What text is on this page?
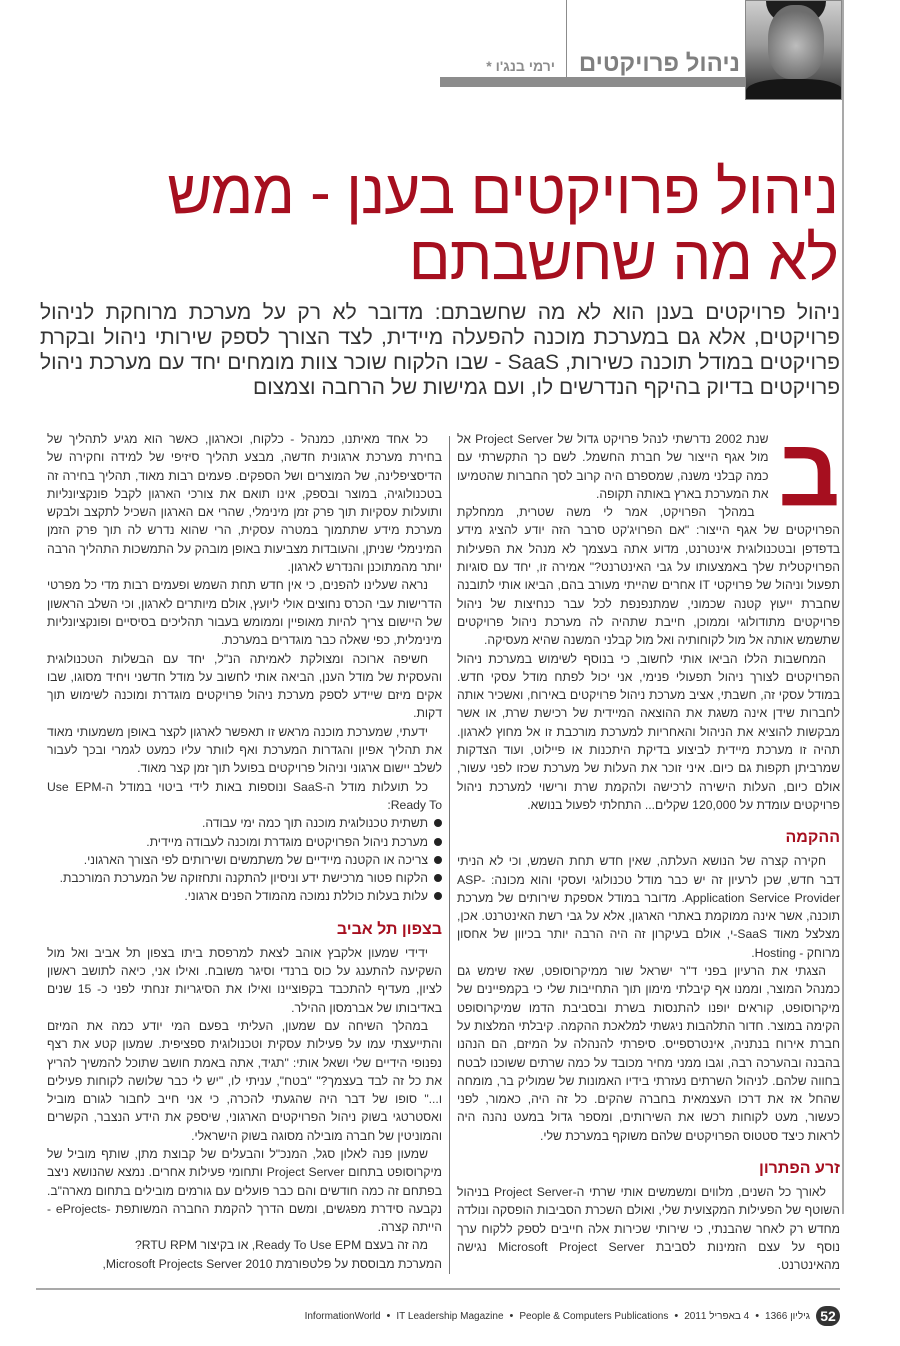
ניהול פרויקטים
ירמי בנג'ו *
ניהול פרויקטים בענן - ממש
לא מה שחשבתם
ניהול פרויקטים בענן הוא לא מה שחשבתם: מדובר לא רק על מערכת מרוחקת לניהול
פרויקטים, אלא גם במערכת מוכנה להפעלה מיידית, לצד הצורך לספק שירותי ניהול ובקרת
פרויקטים במודל תוכנה כשירות, SaaS - שבו הלקוח שוכר צוות מומחים יחד עם מערכת ניהול
פרויקטים בדיוק בהיקף הנדרשים לו, ועם גמישות של הרחבה וצמצום
ב

שנת 2002 נדרשתי לנהל פרויקט גדול של Project Server אל מול אגף הייצור של חברת החשמל. לשם כך התקשרתי עם כמה קבלני משנה, שמספרם היה קרוב לסך החברות שהטמיעו את המערכת בארץ באותה תקופה.

במהלך הפרויקט, אמר לי משה שטרית, ממחלקת הפרויקטים של אגף הייצור: "אם הפרויג'קט סרבר הזה יודע להציג מידע בדפדפן ובטכנולוגית אינטרנט, מדוע אתה בעצמך לא מנהל את הפעילות הפרויקטלית שלך באמצעותו על גבי האינטרנט?" אמירה זו, יחד עם סוגיות תפעול וניהול של פרויקטי IT אחרים שהייתי מעורב בהם, הביאו אותי לתובנה שחברת ייעוץ קטנה שכמוני, שמתנפנפת לכל עבר כנחיצות של ניהול פרויקטים מתודולוגי וממוכן, חייבת שתהיה לה מערכת ניהול פרויקטים שתשמש אותה אל מול לקוחותיה ואל מול קבלני המשנה שהיא מעסיקה.

המחשבות הללו הביאו אותי לחשוב, כי בנוסף לשימוש במערכת ניהול הפרויקטים לצורך ניהול תפעולי פנימי, אני יכול לפתח מודל עסקי חדש. במודל עסקי זה, חשבתי, אציב מערכת ניהול פרויקטים באירוח, ואשכיר אותה לחברות שידן אינה משגת את ההוצאה המיידית של רכישת שרת, או אשר מבקשות להוציא את הניהול והאחריות למערכת מורכבת זו אל מחוץ לארגון. תהיה זו מערכת מיידית לביצוע בדיקת היתכנות או פיילוט, ועוד הצדקות שמרביתן תקפות גם כיום. איני זוכר את העלות של מערכת שכזו לפני עשור, אולם כיום, העלות הישירה לרכישה ולהקמת שרת ורישוי למערכת ניהול פרויקטים עומדת על 120,000 שקלים... התחלתי לפעול בנושא.

ההקמה

חקירה קצרה של הנושא העלתה, שאין חדש תחת השמש, וכי לא הניתי דבר חדש, שכן לרעיון זה יש כבר מודל טכנולוגי ועסקי והוא מכונה: ASP- Application Service Provider. מדובר במודל אספקת שירותים של מערכת תוכנה, אשר אינה ממוקמת באתרי הארגון, אלא על גבי רשת האינטרנט. אכן, מצלצל מאוד SaaS-י, אולם בעיקרון זה היה הרבה יותר בכיוון של אחסון מרוחק - Hosting.

הצגתי את הרעיון בפני ד"ר ישראל שור ממיקרוסופט, שאז שימש גם כמנהל המוצר, וממנו אף קיבלתי מימון תוך התחייבות שלי כי בקמפיינים של מיקרוסופט, קוראים יופנו להתנסות בשרת ובסביבת הדמו שמיקרוסופט הקימה במוצר. חדור התלהבות ניגשתי למלאכת ההקמה. קיבלתי המלצות על חברת אירוח בנתניה, אינטרספייס. סיפרתי להנהלה על המיזם, הם הנהנו בהבנה ובהערכה רבה, וגבו ממני מחיר מכובד על כמה שרתים ששוכנו לבטח בחווה שלהם. לניהול השרתים נעזרתי בידיו האמונות של שמוליק בר, מומחה שהחל אז את דרכו העצמאית בחברה שהקים. כל זה היה, כאמור, לפני כעשור, מעט לקוחות רכשו את השירותים, ומספר גדול במעט נהנה היה לראות כיצד סטטוס הפרויקטים שלהם משוקף במערכת שלי.

זרע הפתרון

לאורך כל השנים, מלווים ומשמשים אותי שרתי ה-Project Server בניהול השוטף של הפעילות המקצועית שלי, ואולם השכרת הסביבות הופסקה ונולדה מחדש רק לאחר שהבנתי, כי שירותי שכירות אלה חייבים לספק ללקוח ערך נוסף על עצם הזמינות לסביבת Microsoft Project Server נגישה מהאינטרנט.

כל אחד מאיתנו, כמנהל - כלקוח, וכארגון, כאשר הוא מגיע לתהליך של בחירת מערכת ארגונית חדשה, מבצע תהליך סיזיפי של למידה וחקירה של הדיסציפלינה, של המוצרים ושל הספקים. פעמים רבות מאוד, תהליך בחירה זה בטכנולוגיה, במוצר ובספק, אינו תואם את צורכי הארגון לקבל פונקציונליות ותועלות עסקיות תוך פרק זמן מינימלי, שהרי אם הארגון השכיל לתקצב ולבקש מערכת מידע שתתמוך במטרה עסקית, הרי שהוא נדרש לה תוך פרק הזמן המינימלי שניתן, והעובדות מצביעות באופן מובהק על התמשכות התהליך הרבה יותר מהמתוכנן והנדרש לארגון.

נראה שעלינו להפנים, כי אין חדש תחת השמש ופעמים רבות מדי כל מפרטי הדרישות עבי הכרס נחוצים אולי ליועץ, אולם מיותרים לארגון, וכי השלב הראשון של היישום צריך להיות מאופיין וממומש בעבור תהליכים בסיסיים ופונקציונליות מינימלית, כפי שאלה כבר מוגדרים במערכת.

חשיפה ארוכה ומצולקת לאמיתה הנ"ל, יחד עם הבשלות הטכנולוגית והעסקית של מודל הענן, הביאה אותי לחשוב על מודל חדשני ויחיד מסוגו, שבו אקים מיזם שיידע לספק מערכת ניהול פרויקטים מוגדרת ומוכנה לשימוש תוך דקות.

ידעתי, שמערכת מוכנה מראש זו תאפשר לארגון לקצר באופן משמעותי מאוד את תהליך אפיון והגדרות המערכת ואף לוותר עליו כמעט לגמרי ובכך לעבור לשלב יישום ארגוני וניהול פרויקטים בפועל תוך זמן קצר מאוד.

כל תועלות מודל ה-SaaS ונוספות באות לידי ביטוי במודל ה-Use EPM Ready To:

תשתית טכנולוגית מוכנה תוך כמה ימי עבודה.
מערכת ניהול הפרויקטים מוגדרת ומוכנה לעבודה מיידית.
צריכה או הקטנה מיידיים של משתמשים ושירותים לפי הצורך הארגוני.
הלקוח פטור מרכישת ידע וניסיון להתקנה ותחזוקה של המערכת המורכבת.
עלות בעלות כוללת נמוכה מהמודל הפנים ארגוני.
בצפון תל אביב

ידידי שמעון אלקבץ אוהב לצאת למרפסת ביתו בצפון תל אביב ואל מול השקיעה להתענג על כוס ברנדי וסיגר משובח. ואילו אני, כיאה לתושב ראשון לציון, מעדיף להתכבד בקפוציינו ואילו את הסיגריות זנחתי לפני כ- 15 שנים באדיבותו של אברמסון ההילר.

במהלך השיחה עם שמעון, העליתי בפעם המי יודע כמה את המיזם והתייעצתי עמו על פעילות עסקית וטכנולוגית ספציפית. שמעון קטע את רצף נפנופי הידיים שלי ושאל אותי: "תגיד, אתה באמת חושב שתוכל להמשיך להריץ את כל זה לבד בעצמך?" "בטח", עניתי לו, "יש לי כבר שלושה לקוחות פעילים ו..." סופו של דבר היה שהגעתי להכרה, כי אני חייב לחבור לגורם מוביל ואסטרטגי בשוק ניהול הפרויקטים הארגוני, שיספק את הידע הנצבר, הקשרים והמוניטין של חברה מובילה מסוגה בשוק הישראלי.

שמעון פנה לאלון סגל, המנכ"ל והבעלים של קבוצת מתן, שותף מוביל של מיקרוסופט בתחום Project Server ותחומי פעילות אחרים. נמצא שהנושא ניצב בפתחם זה כמה חודשים והם כבר פועלים עם גורמים מובילים בתחום מארה"ב. נקבעה סידרת מפגשים, ומשם הדרך להקמת החברה המשותפת -eProjects - הייתה קצרה.

מה זה בעצם Ready To Use EPM, או בקיצור RTU RPM?

המערכת מבוססת על פלטפורמת Microsoft Projects Server 2010,

52
גיליון 1366
•
4 באפריל 2011
•
People & Computers Publications
•
IT Leadership Magazine
•
InformationWorld
